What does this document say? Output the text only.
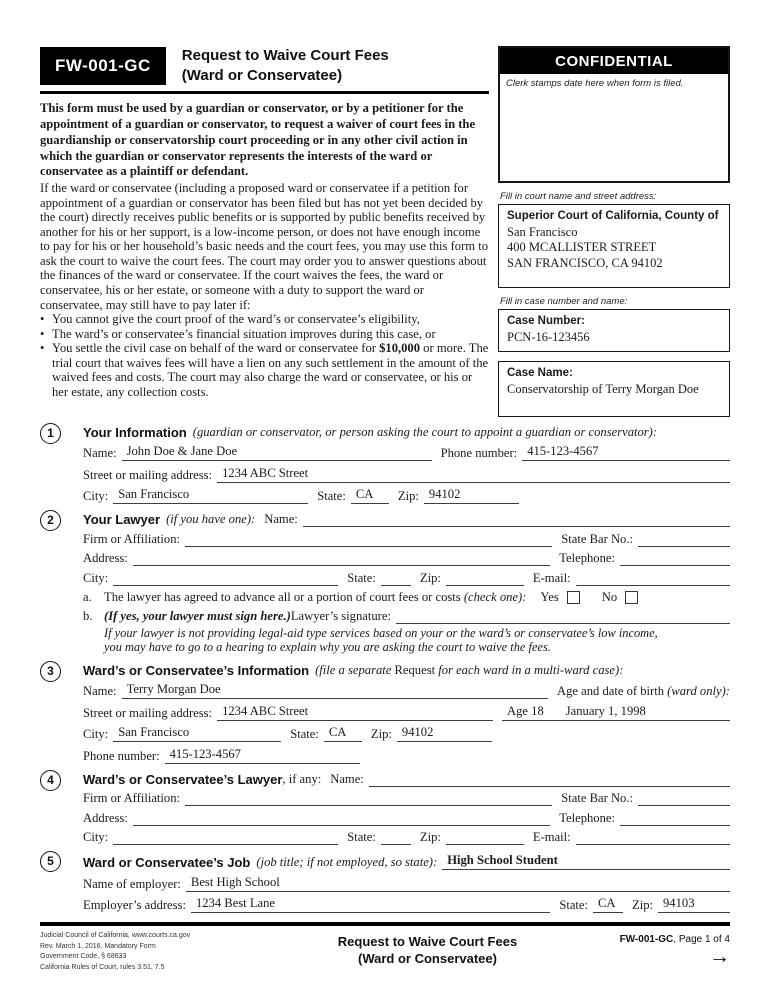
FW-001-GC	Request to Waive Court Fees
(Ward or Conservatee)
This form must be used by a guardian or conservator, or by a petitioner for the appointment of a guardian or conservator, to request a waiver of court fees in the guardianship or conservatorship court proceeding or in any other civil action in which the guardian or conservator represents the interests of the ward or conservatee as a plaintiff or defendant.
If the ward or conservatee (including a proposed ward or conservatee if a petition for appointment of a guardian or conservator has been filed but has not yet been decided by the court) directly receives public benefits or is supported by public benefits received by another for his or her support, is a low-income person, or does not have enough income to pay for his or her household’s basic needs and the court fees, you may use this form to ask the court to waive the court fees. The court may order you to answer questions about the finances of the ward or conservatee. If the court waives the fees, the ward or conservatee, his or her estate, or someone with a duty to support the ward or conservatee, may still have to pay later if:
• You cannot give the court proof of the ward’s or conservatee’s eligibility,
• The ward’s or conservatee’s financial situation improves during this case, or
• You settle the civil case on behalf of the ward or conservatee for $10,000 or more. The trial court that waives fees will have a lien on any such settlement in the amount of the waived fees and costs. The court may also charge the ward or conservatee, or his or her estate, any collection costs.
CONFIDENTIAL
Clerk stamps date here when form is filed.
Fill in court name and street address:
Superior Court of California, County of
San Francisco
400 MCALLISTER STREET
SAN FRANCISCO, CA 94102
Fill in case number and name:
Case Number:
PCN-16-123456
Case Name:
Conservatorship of Terry Morgan Doe
1	Your Information (guardian or conservator, or person asking the court to appoint a guardian or conservator):
Name: John Doe & Jane Doe	Phone number: 415-123-4567
Street or mailing address: 1234 ABC Street
City: San Francisco	State: CA	Zip: 94102
2	Your Lawyer (if you have one): Name:
Firm or Affiliation:	State Bar No.:
Address:	Telephone:
City:	State:	Zip:	E-mail:
a. The lawyer has agreed to advance all or a portion of court fees or costs (check one): Yes	No
b. (If yes, your lawyer must sign here.) Lawyer’s signature:
If your lawyer is not providing legal-aid type services based on your or the ward’s or conservatee’s low income,
you may have to go to a hearing to explain why you are asking the court to waive the fees.
3	Ward’s or Conservatee’s Information (file a separate Request for each ward in a multi-ward case):
Name: Terry Morgan Doe	Age and date of birth (ward only):
Street or mailing address: 1234 ABC Street	Age 18 January 1, 1998
City: San Francisco	State: CA	Zip: 94102
Phone number: 415-123-4567
4	Ward’s or Conservatee’s Lawyer , if any: Name:
Firm or Affiliation:	State Bar No.:
Address:	Telephone:
City:	State:	Zip:	E-mail:
5	Ward or Conservatee’s Job (job title; if not employed, so state): High School Student
Name of employer: Best High School
Employer’s address: 1234 Best Lane	State: CA	Zip: 94103
Judicial Council of California, www.courts.ca.gov
Rev. March 1, 2016, Mandatory Form
Government Code, § 68633
California Rules of Court, rules 3.51, 7.5
Request to Waive Court Fees
(Ward or Conservatee)
FW-001-GC, Page 1 of 4
→
